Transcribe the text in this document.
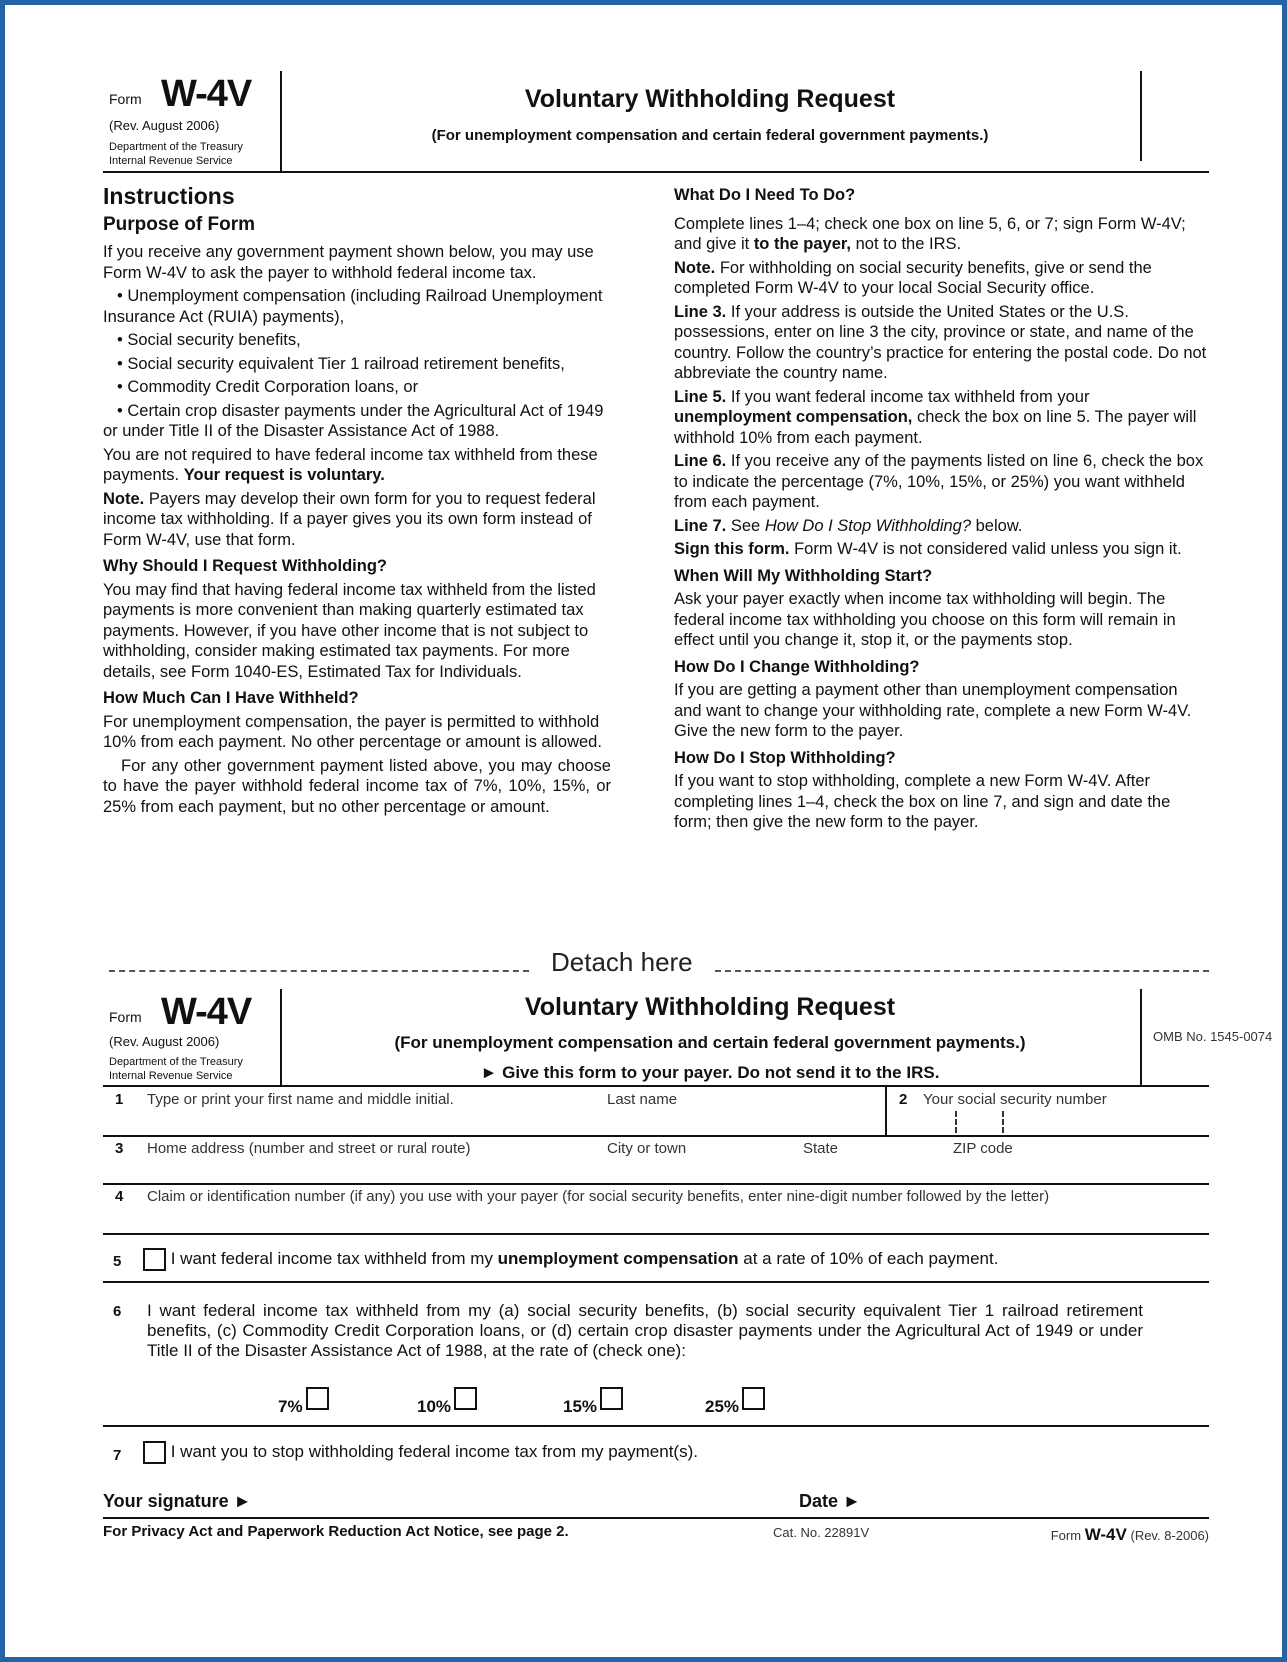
Form W-4V
(Rev. August 2006)
Department of the Treasury
Internal Revenue Service
Voluntary Withholding Request
(For unemployment compensation and certain federal government payments.)
Instructions
Purpose of Form

If you receive any government payment shown below, you may use Form W-4V to ask the payer to withhold federal income tax.

• Unemployment compensation (including Railroad Unemployment Insurance Act (RUIA) payments),

• Social security benefits,

• Social security equivalent Tier 1 railroad retirement benefits,

• Commodity Credit Corporation loans, or

• Certain crop disaster payments under the Agricultural Act of 1949 or under Title II of the Disaster Assistance Act of 1988.

You are not required to have federal income tax withheld from these payments. Your request is voluntary.

Note. Payers may develop their own form for you to request federal income tax withholding. If a payer gives you its own form instead of Form W-4V, use that form.

Why Should I Request Withholding?

You may find that having federal income tax withheld from the listed payments is more convenient than making quarterly estimated tax payments. However, if you have other income that is not subject to withholding, consider making estimated tax payments. For more details, see Form 1040-ES, Estimated Tax for Individuals.

How Much Can I Have Withheld?

For unemployment compensation, the payer is permitted to withhold 10% from each payment. No other percentage or amount is allowed.

For any other government payment listed above, you may choose to have the payer withhold federal income tax of 7%, 10%, 15%, or 25% from each payment, but no other percentage or amount.

What Do I Need To Do?

Complete lines 1–4; check one box on line 5, 6, or 7; sign Form W-4V; and give it to the payer, not to the IRS.

Note. For withholding on social security benefits, give or send the completed Form W-4V to your local Social Security office.

Line 3. If your address is outside the United States or the U.S. possessions, enter on line 3 the city, province or state, and name of the country. Follow the country’s practice for entering the postal code. Do not abbreviate the country name.

Line 5. If you want federal income tax withheld from your unemployment compensation, check the box on line 5. The payer will withhold 10% from each payment.

Line 6. If you receive any of the payments listed on line 6, check the box to indicate the percentage (7%, 10%, 15%, or 25%) you want withheld from each payment.

Line 7. See How Do I Stop Withholding? below.

Sign this form. Form W-4V is not considered valid unless you sign it.

When Will My Withholding Start?

Ask your payer exactly when income tax withholding will begin. The federal income tax withholding you choose on this form will remain in effect until you change it, stop it, or the payments stop.

How Do I Change Withholding?

If you are getting a payment other than unemployment compensation and want to change your withholding rate, complete a new Form W-4V. Give the new form to the payer.

How Do I Stop Withholding?

If you want to stop withholding, complete a new Form W-4V. After completing lines 1–4, check the box on line 7, and sign and date the form; then give the new form to the payer.

Detach here
Form W-4V
(Rev. August 2006)
Department of the Treasury
Internal Revenue Service
Voluntary Withholding Request
(For unemployment compensation and certain federal government payments.)
► Give this form to your payer. Do not send it to the IRS.
OMB No. 1545-0074
1 Type or print your first name and middle initial.	Last name	2 Your social security number
3 Home address (number and street or rural route)	City or town	State	ZIP code
4 Claim or identification number (if any) you use with your payer (for social security benefits, enter nine-digit number followed by the letter)
5	I want federal income tax withheld from my unemployment compensation at a rate of 10% of each payment.
6 I want federal income tax withheld from my (a) social security benefits, (b) social security equivalent Tier 1 railroad retirement benefits, (c) Commodity Credit Corporation loans, or (d) certain crop disaster payments under the Agricultural Act of 1949 or under Title II of the Disaster Assistance Act of 1988, at the rate of (check one):
7%	10%	15%	25%
7	I want you to stop withholding federal income tax from my payment(s).
Your signature ►	Date ►
For Privacy Act and Paperwork Reduction Act Notice, see page 2.	Cat. No. 22891V	Form W-4V (Rev. 8-2006)
